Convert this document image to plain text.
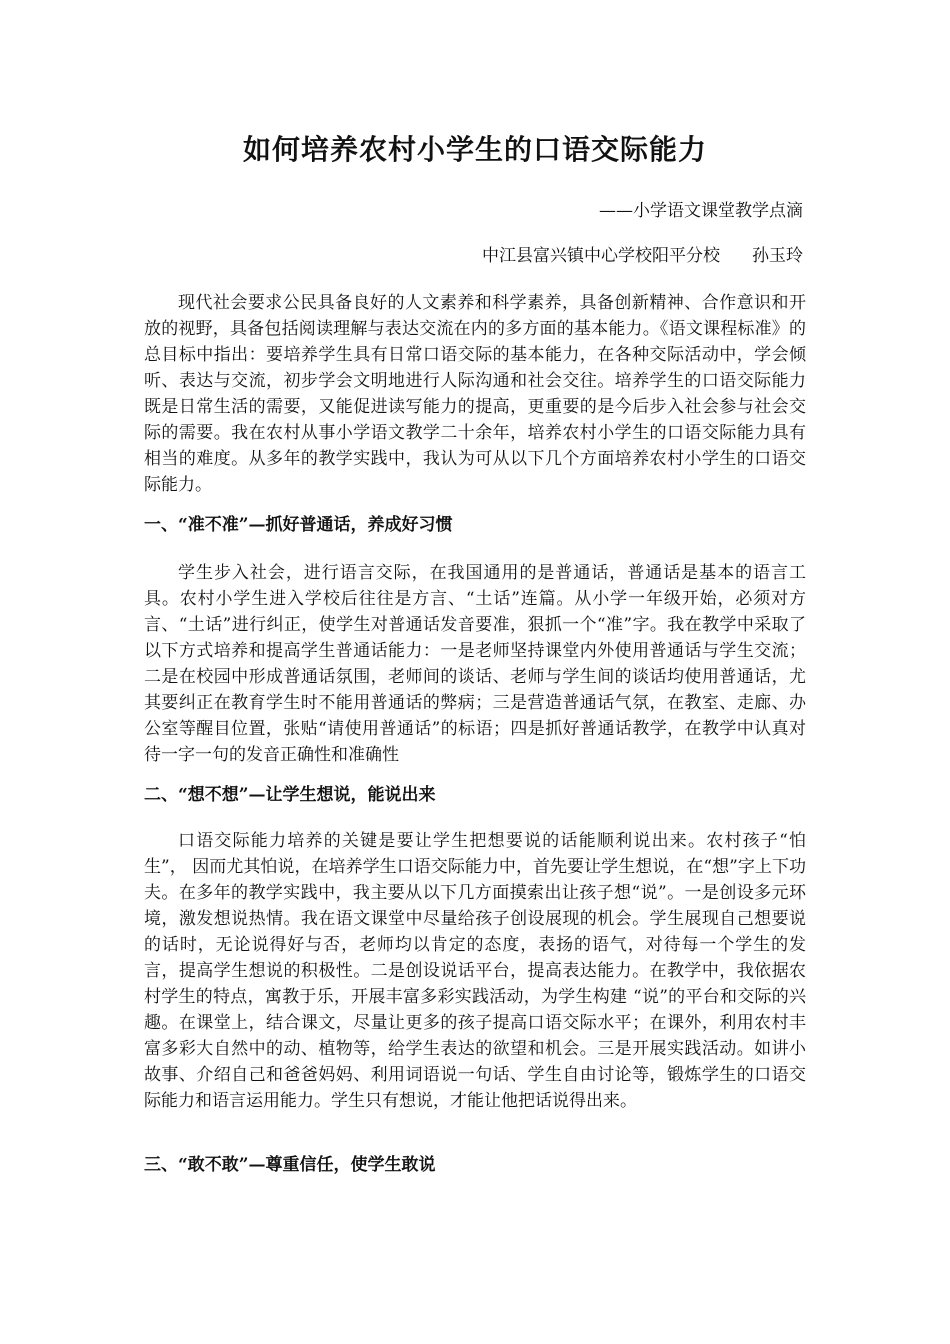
如何培养农村小学生的口语交际能力
——小学语文课堂教学点滴
中江县富兴镇中心学校阳平分校 孙玉玲

现代社会要求公民具备良好的人文素养和科学素养，具备创新精神、合作意识和开放的视野，具备包括阅读理解与表达交流在内的多方面的基本能力。《语文课程标准》的总目标中指出：要培养学生具有日常口语交际的基本能力，在各种交际活动中，学会倾听、表达与交流，初步学会文明地进行人际沟通和社会交往。培养学生的口语交际能力既是日常生活的需要，又能促进读写能力的提高，更重要的是今后步入社会参与社会交际的需要。我在农村从事小学语文教学二十余年，培养农村小学生的口语交际能力具有相当的难度。从多年的教学实践中，我认为可从以下几个方面培养农村小学生的口语交际能力。

一、“准不准”—抓好普通话，养成好习惯

学生步入社会，进行语言交际，在我国通用的是普通话，普通话是基本的语言工具。农村小学生进入学校后往往是方言、“土话”连篇。从小学一年级开始，必须对方言、“土话”进行纠正，使学生对普通话发音要准，狠抓一个“准”字。我在教学中采取了以下方式培养和提高学生普通话能力：一是老师坚持课堂内外使用普通话与学生交流；二是在校园中形成普通话氛围，老师间的谈话、老师与学生间的谈话均使用普通话，尤其要纠正在教育学生时不能用普通话的弊病；三是营造普通话气氛，在教室、走廊、办公室等醒目位置，张贴“请使用普通话”的标语；四是抓好普通话教学，在教学中认真对待一字一句的发音正确性和准确性

二、“想不想”—让学生想说，能说出来

口语交际能力培养的关键是要让学生把想要说的话能顺利说出来。农村孩子“怕生”， 因而尤其怕说，在培养学生口语交际能力中，首先要让学生想说，在“想”字上下功夫。在多年的教学实践中，我主要从以下几方面摸索出让孩子想“说”。一是创设多元环境，激发想说热情。我在语文课堂中尽量给孩子创设展现的机会。学生展现自己想要说的话时，无论说得好与否，老师均以肯定的态度，表扬的语气，对待每一个学生的发言，提高学生想说的积极性。二是创设说话平台，提高表达能力。在教学中，我依据农村学生的特点，寓教于乐，开展丰富多彩实践活动，为学生构建 “说”的平台和交际的兴趣。在课堂上，结合课文，尽量让更多的孩子提高口语交际水平；在课外，利用农村丰富多彩大自然中的动、植物等，给学生表达的欲望和机会。三是开展实践活动。如讲小故事、介绍自己和爸爸妈妈、利用词语说一句话、学生自由讨论等，锻炼学生的口语交际能力和语言运用能力。学生只有想说，才能让他把话说得出来。

三、“敢不敢”—尊重信任，使学生敢说
